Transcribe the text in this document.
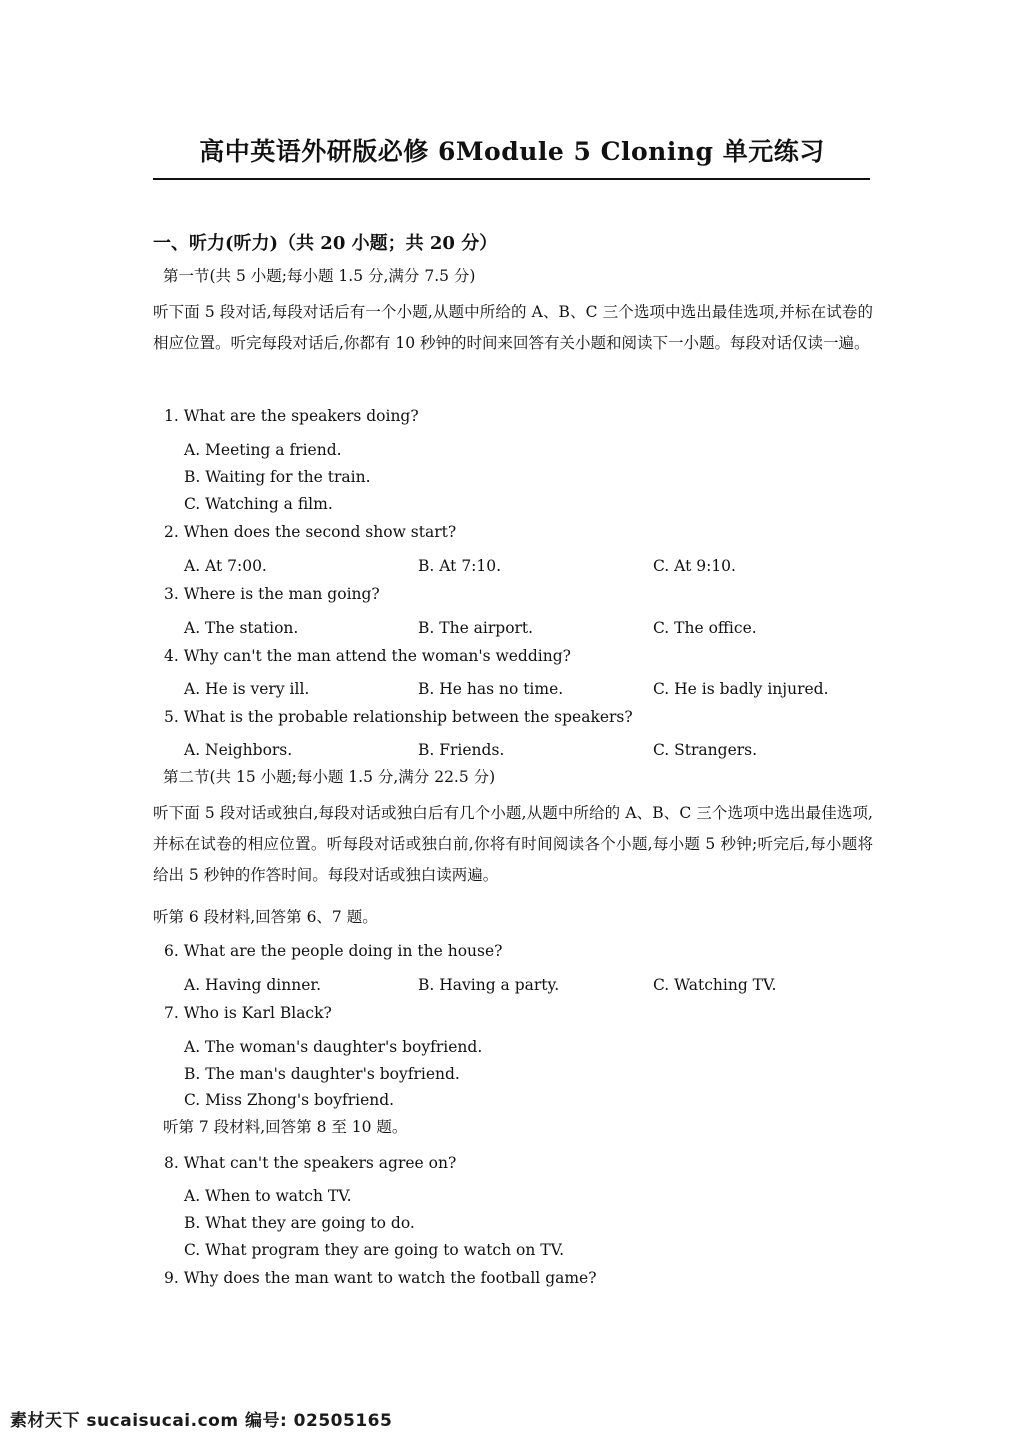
高中英语外研版必修 6Module 5 Cloning 单元练习
一、听力(听力)（共 20 小题；共 20 分）
第一节(共 5 小题;每小题 1.5 分,满分 7.5 分)
听下面 5 段对话,每段对话后有一个小题,从题中所给的 A、B、C 三个选项中选出最佳选项,并标在试卷的相应位置。听完每段对话后,你都有 10 秒钟的时间来回答有关小题和阅读下一小题。每段对话仅读一遍。
1. What are the speakers doing?
A. Meeting a friend.
B. Waiting for the train.
C. Watching a film.
2. When does the second show start?
A. At 7:00.	B. At 7:10.	C. At 9:10.
3. Where is the man going?
A. The station.	B. The airport.	C. The office.
4. Why can't the man attend the woman's wedding?
A. He is very ill.	B. He has no time.	C. He is badly injured.
5. What is the probable relationship between the speakers?
A. Neighbors.	B. Friends.	C. Strangers.
第二节(共 15 小题;每小题 1.5 分,满分 22.5 分)
听下面 5 段对话或独白,每段对话或独白后有几个小题,从题中所给的 A、B、C 三个选项中选出最佳选项,并标在试卷的相应位置。听每段对话或独白前,你将有时间阅读各个小题,每小题 5 秒钟;听完后,每小题将给出 5 秒钟的作答时间。每段对话或独白读两遍。
听第 6 段材料,回答第 6、7 题。
6. What are the people doing in the house?
A. Having dinner.	B. Having a party.	C. Watching TV.
7. Who is Karl Black?
A. The woman's daughter's boyfriend.
B. The man's daughter's boyfriend.
C. Miss Zhong's boyfriend.
听第 7 段材料,回答第 8 至 10 题。
8. What can't the speakers agree on?
A. When to watch TV.
B. What they are going to do.
C. What program they are going to watch on TV.
9. Why does the man want to watch the football game?
素材天下 sucaisucai.com 编号: 02505165
